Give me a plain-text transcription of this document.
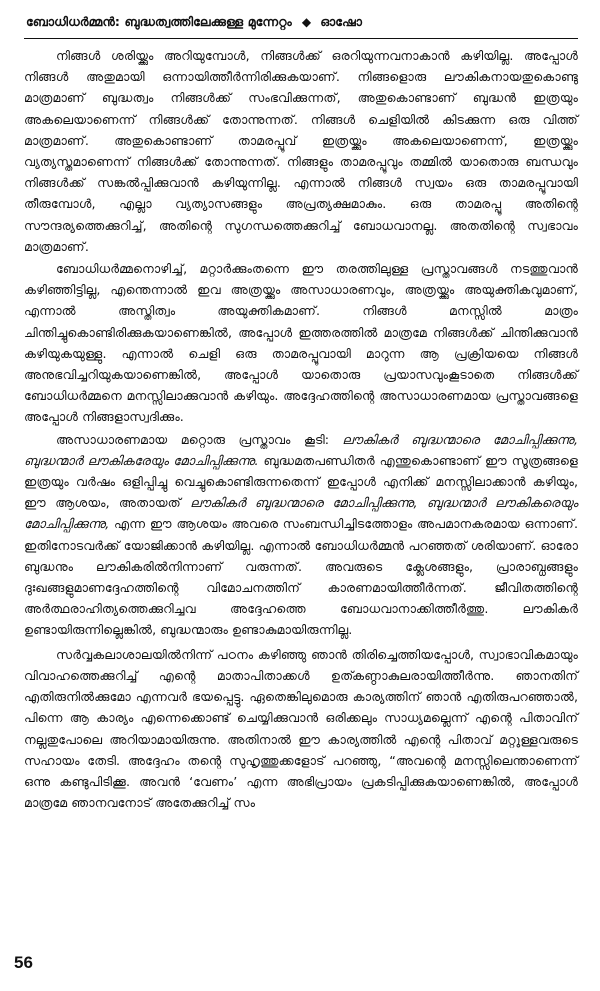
ബോധിധർമ്മൻ: ബുദ്ധത്വത്തിലേക്കുള്ള മുന്നേറ്റം ◆ ഓഷോ

നിങ്ങൾ ശരിയ്ക്കും അറിയുമ്പോൾ, നിങ്ങൾക്ക് ഒരറിയുന്നവനാകാൻ കഴിയില്ല. അപ്പോൾ നിങ്ങൾ അതുമായി ഒന്നായിത്തീർന്നിരിക്കുകയാണ്. നിങ്ങളൊരു ലൗകികനായതുകൊണ്ടു മാത്രമാണ് ബുദ്ധത്വം നിങ്ങൾക്ക് സംഭവിക്കുന്നത്, അതുകൊണ്ടാണ് ബുദ്ധൻ ഇത്രയും അകലെയാണെന്ന് നിങ്ങൾക്ക് തോന്നുന്നത്. നിങ്ങൾ ചെളിയിൽ കിടക്കുന്ന ഒരു വിത്ത് മാത്രമാണ്. അതുകൊണ്ടാണ് താമരപ്പൂവ് ഇത്രയ്ക്കും അകലെയാണെന്ന്, ഇത്രയ്ക്കും വ്യത്യസ്തമാണെന്ന് നിങ്ങൾക്ക് തോന്നുന്നത്. നിങ്ങളും താമരപ്പൂവും തമ്മിൽ യാതൊരു ബന്ധവും നിങ്ങൾക്ക് സങ്കൽപ്പിക്കുവാൻ കഴിയുന്നില്ല. എന്നാൽ നിങ്ങൾ സ്വയം ഒരു താമരപ്പൂവായി തീരുമ്പോൾ, എല്ലാ വ്യത്യാസങ്ങളും അപ്രത്യക്ഷമാകും. ഒരു താമരപ്പൂ അതിന്റെ സൗന്ദര്യത്തെക്കുറിച്ച്, അതിന്റെ സുഗന്ധത്തെക്കുറിച്ച് ബോധവാനല്ല. അതതിന്റെ സ്വഭാവം മാത്രമാണ്.

ബോധിധർമ്മനൊഴിച്ച്, മറ്റാർക്കുംതന്നെ ഈ തരത്തിലുള്ള പ്രസ്താവങ്ങൾ നടത്തുവാൻ കഴിഞ്ഞിട്ടില്ല, എന്തെന്നാൽ ഇവ അത്രയ്ക്കും അസാധാരണവും, അത്രയ്ക്കും അയുക്തികവുമാണ്, എന്നാൽ അസ്തിത്വം അയുക്തികമാണ്. നിങ്ങൾ മനസ്സിൽ മാത്രം ചിന്തിച്ചുകൊണ്ടിരിക്കുകയാണെങ്കിൽ, അപ്പോൾ ഇത്തരത്തിൽ മാത്രമേ നിങ്ങൾക്ക് ചിന്തിക്കുവാൻ കഴിയുകയുള്ളു. എന്നാൽ ചെളി ഒരു താമരപ്പൂവായി മാറുന്ന ആ പ്രക്രിയയെ നിങ്ങൾ അനുഭവിച്ചറിയുകയാണെങ്കിൽ, അപ്പോൾ യാതൊരു പ്രയാസവുംകൂടാതെ നിങ്ങൾക്ക് ബോധിധർമ്മനെ മനസ്സിലാക്കുവാൻ കഴിയും. അദ്ദേഹത്തിന്റെ അസാധാരണമായ പ്രസ്താവങ്ങളെ അപ്പോൾ നിങ്ങളാസ്വദിക്കും.

അസാധാരണമായ മറ്റൊരു പ്രസ്താവം കൂടി: ലൗകികർ ബുദ്ധന്മാരെ മോചിപ്പിക്കുന്നു, ബുദ്ധന്മാർ ലൗകികരേയും മോചിപ്പിക്കുന്നു. ബുദ്ധമതപണ്ഡിതർ എന്തുകൊണ്ടാണ് ഈ സൂത്രങ്ങളെ ഇത്രയും വർഷം ഒളിപ്പിച്ചു വെച്ചുകൊണ്ടിരുന്നതെന്ന് ഇപ്പോൾ എനിക്ക് മനസ്സിലാക്കാൻ കഴിയും, ഈ ആശയം, അതായത് ലൗകികർ ബുദ്ധന്മാരെ മോചിപ്പിക്കുന്നു, ബുദ്ധന്മാർ ലൗകികരെയും മോചിപ്പിക്കുന്നു, എന്ന ഈ ആശയം അവരെ സംബന്ധിച്ചിടത്തോളം അപമാനകരമായ ഒന്നാണ്. ഇതിനോടവർക്ക് യോജിക്കാൻ കഴിയില്ല. എന്നാൽ ബോധിധർമ്മൻ പറഞ്ഞത് ശരിയാണ്. ഓരോ ബുദ്ധനും ലൗകികരിൽനിന്നാണ് വരുന്നത്. അവരുടെ ക്ലേശങ്ങളും, പ്രാരാബ്ധങ്ങളും ദുഃഖങ്ങളുമാണദ്ദേഹത്തിന്റെ വിമോചനത്തിന് കാരണമായിത്തീർന്നത്. ജീവിതത്തിന്റെ അർത്ഥരാഹിത്യത്തെക്കുറിച്ചവ അദ്ദേഹത്തെ ബോധവാനാക്കിത്തീർത്തു. ലൗകികർ ഉണ്ടായിരുന്നില്ലെങ്കിൽ, ബുദ്ധന്മാരും ഉണ്ടാകുമായിരുന്നില്ല.

സർവ്വകലാശാലയിൽനിന്ന് പഠനം കഴിഞ്ഞു ഞാൻ തിരിച്ചെത്തിയപ്പോൾ, സ്വാഭാവികമായും വിവാഹത്തെക്കുറിച്ച് എന്റെ മാതാപിതാക്കൾ ഉത്കണ്ഠാകുലരായിത്തീർന്നു. ഞാനതിന് എതിരുനിൽക്കുമോ എന്നവർ ഭയപ്പെട്ടു. ഏതെങ്കിലുമൊരു കാര്യത്തിന് ഞാൻ എതിരുപറഞ്ഞാൽ, പിന്നെ ആ കാര്യം എന്നെക്കൊണ്ട് ചെയ്യിക്കുവാൻ ഒരിക്കലും സാധ്യമല്ലെന്ന് എന്റെ പിതാവിന് നല്ലതുപോലെ അറിയാമായിരുന്നു. അതിനാൽ ഈ കാര്യത്തിൽ എന്റെ പിതാവ് മറ്റുള്ളവരുടെ സഹായം തേടി. അദ്ദേഹം തന്റെ സുഹൃത്തുക്കളോട് പറഞ്ഞു, “അവന്റെ മനസ്സിലെന്താണെന്ന് ഒന്നു കണ്ടുപിടിക്കൂ. അവൻ ‘വേണം’ എന്ന അഭിപ്രായം പ്രകടിപ്പിക്കുകയാണെങ്കിൽ, അപ്പോൾ മാത്രമേ ഞാനവനോട് അതേക്കുറിച്ച് സം

56
